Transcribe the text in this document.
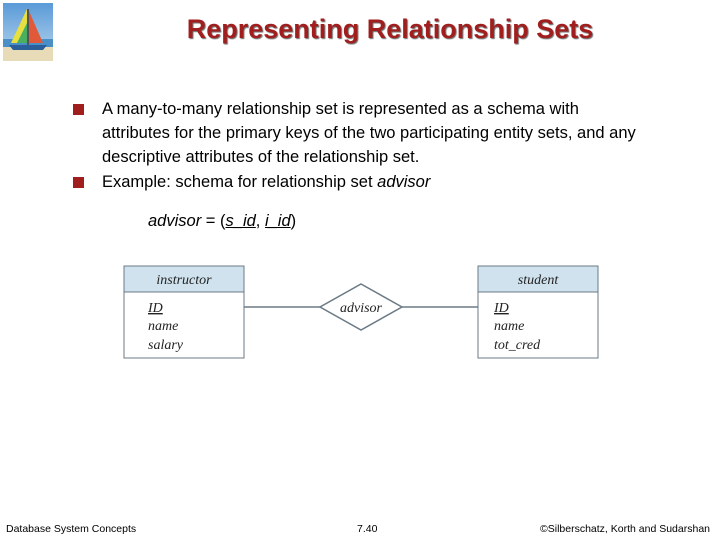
Representing Relationship Sets
A many-to-many relationship set is represented as a schema with attributes for the primary keys of the two participating entity sets, and any descriptive attributes of the relationship set.
Example: schema for relationship set advisor
advisor = (s_id, i_id)
instructor
ID
name
salary
advisor
student
ID
name
tot_cred
Database System Concepts	7.40	©Silberschatz, Korth and Sudarshan
